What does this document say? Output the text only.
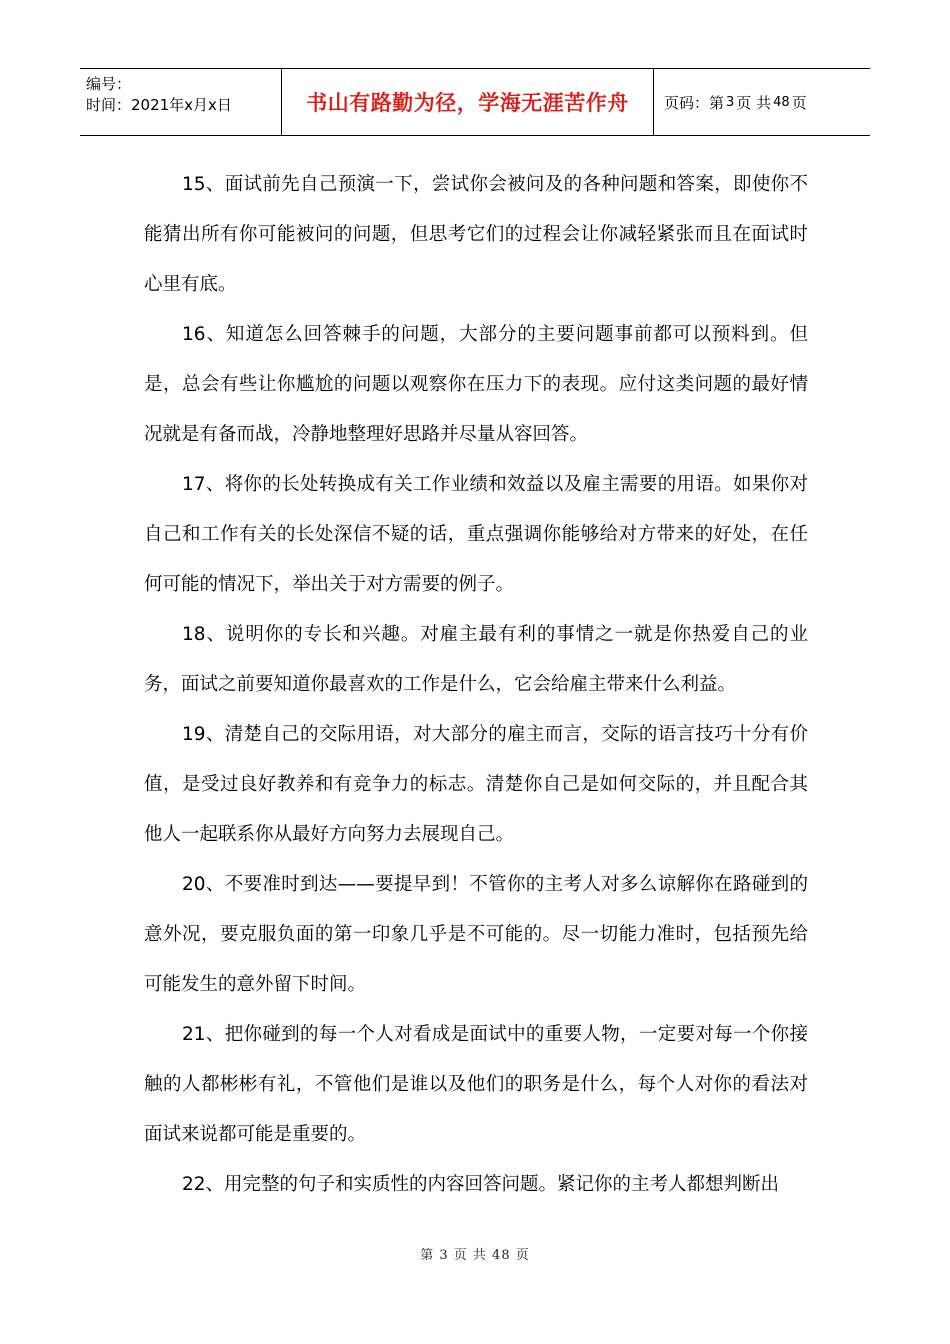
编号：
时间：2021年x月x日	书山有路勤为径，学海无涯苦作舟	页码：第 3 页 共 48 页

15、面试前先自己预演一下，尝试你会被问及的各种问题和答案，即使你不能猜出所有你可能被问的问题，但思考它们的过程会让你减轻紧张而且在面试时心里有底。

16、知道怎么回答棘手的问题，大部分的主要问题事前都可以预料到。但是，总会有些让你尴尬的问题以观察你在压力下的表现。应付这类问题的最好情况就是有备而战，冷静地整理好思路并尽量从容回答。

17、将你的长处转换成有关工作业绩和效益以及雇主需要的用语。如果你对自己和工作有关的长处深信不疑的话，重点强调你能够给对方带来的好处，在任何可能的情况下，举出关于对方需要的例子。

18、说明你的专长和兴趣。对雇主最有利的事情之一就是你热爱自己的业务，面试之前要知道你最喜欢的工作是什么，它会给雇主带来什么利益。

19、清楚自己的交际用语，对大部分的雇主而言，交际的语言技巧十分有价值，是受过良好教养和有竞争力的标志。清楚你自己是如何交际的，并且配合其他人一起联系你从最好方向努力去展现自己。

20、不要准时到达——要提早到！不管你的主考人对多么谅解你在路碰到的意外况，要克服负面的第一印象几乎是不可能的。尽一切能力准时，包括预先给可能发生的意外留下时间。

21、把你碰到的每一个人对看成是面试中的重要人物，一定要对每一个你接触的人都彬彬有礼，不管他们是谁以及他们的职务是什么，每个人对你的看法对面试来说都可能是重要的。

22、用完整的句子和实质性的内容回答问题。紧记你的主考人都想判断出

第 3 页 共 48 页
